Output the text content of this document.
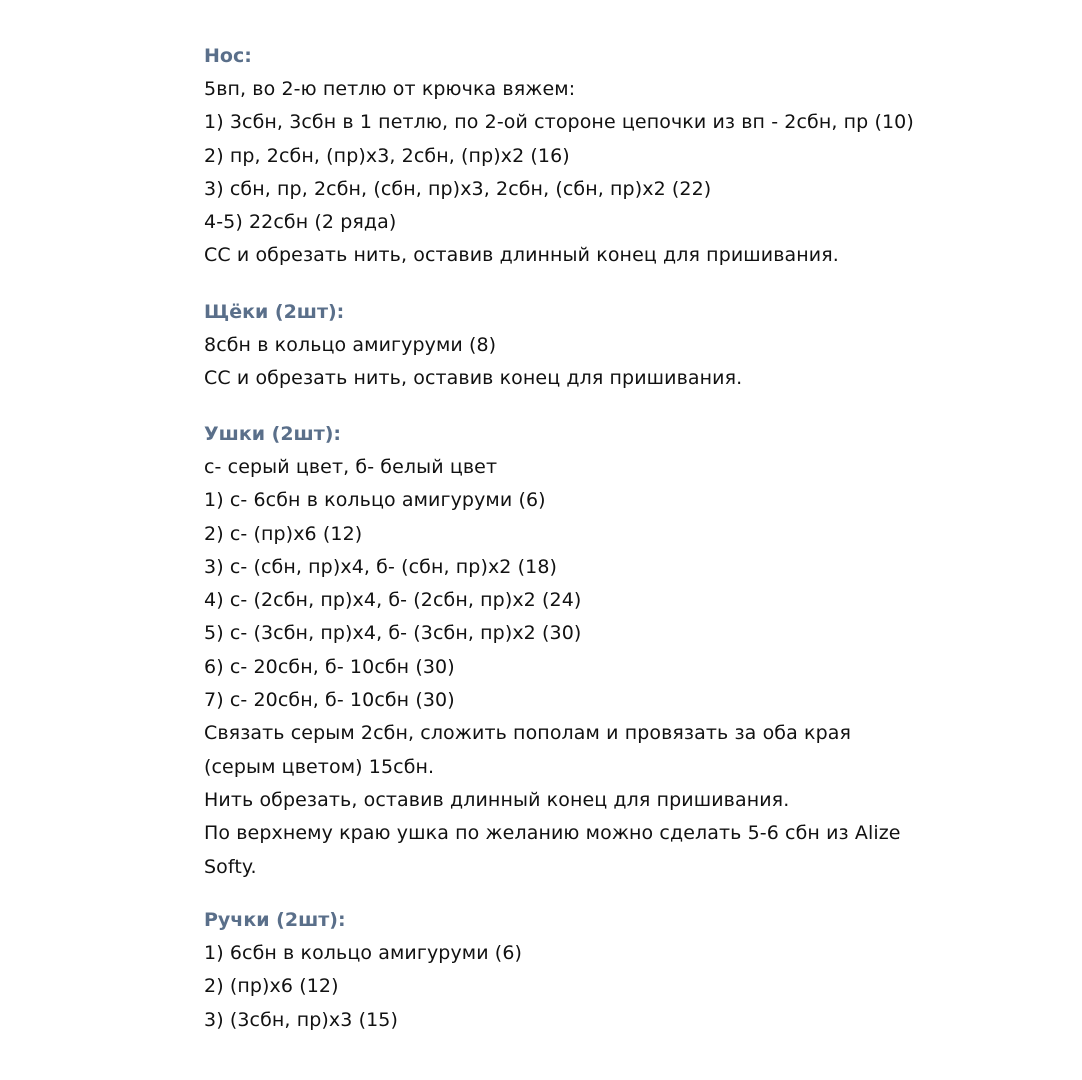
Нос:
5вп, во 2-ю петлю от крючка вяжем:
1) 3сбн, 3сбн в 1 петлю, по 2-ой стороне цепочки из вп - 2сбн, пр (10)
2) пр, 2сбн, (пр)х3, 2сбн, (пр)х2 (16)
3) сбн, пр, 2сбн, (сбн, пр)х3, 2сбн, (сбн, пр)х2 (22)
4-5) 22сбн (2 ряда)
СС и обрезать нить, оставив длинный конец для пришивания.
Щёки (2шт):
8сбн в кольцо амигуруми (8)
СС и обрезать нить, оставив конец для пришивания.
Ушки (2шт):
с- серый цвет, б- белый цвет
1) с- 6сбн в кольцо амигуруми (6)
2) с- (пр)х6 (12)
3) с- (сбн, пр)х4, б- (сбн, пр)х2 (18)
4) с- (2сбн, пр)х4, б- (2сбн, пр)х2 (24)
5) с- (3сбн, пр)х4, б- (3сбн, пр)х2 (30)
6) с- 20сбн, б- 10сбн (30)
7) с- 20сбн, б- 10сбн (30)
Связать серым 2сбн, сложить пополам и провязать за оба края
(серым цветом) 15сбн.
Нить обрезать, оставив длинный конец для пришивания.
По верхнему краю ушка по желанию можно сделать 5-6 сбн из Alize
Softy.
Ручки (2шт):
1) 6сбн в кольцо амигуруми (6)
2) (пр)х6 (12)
3) (3сбн, пр)х3 (15)
